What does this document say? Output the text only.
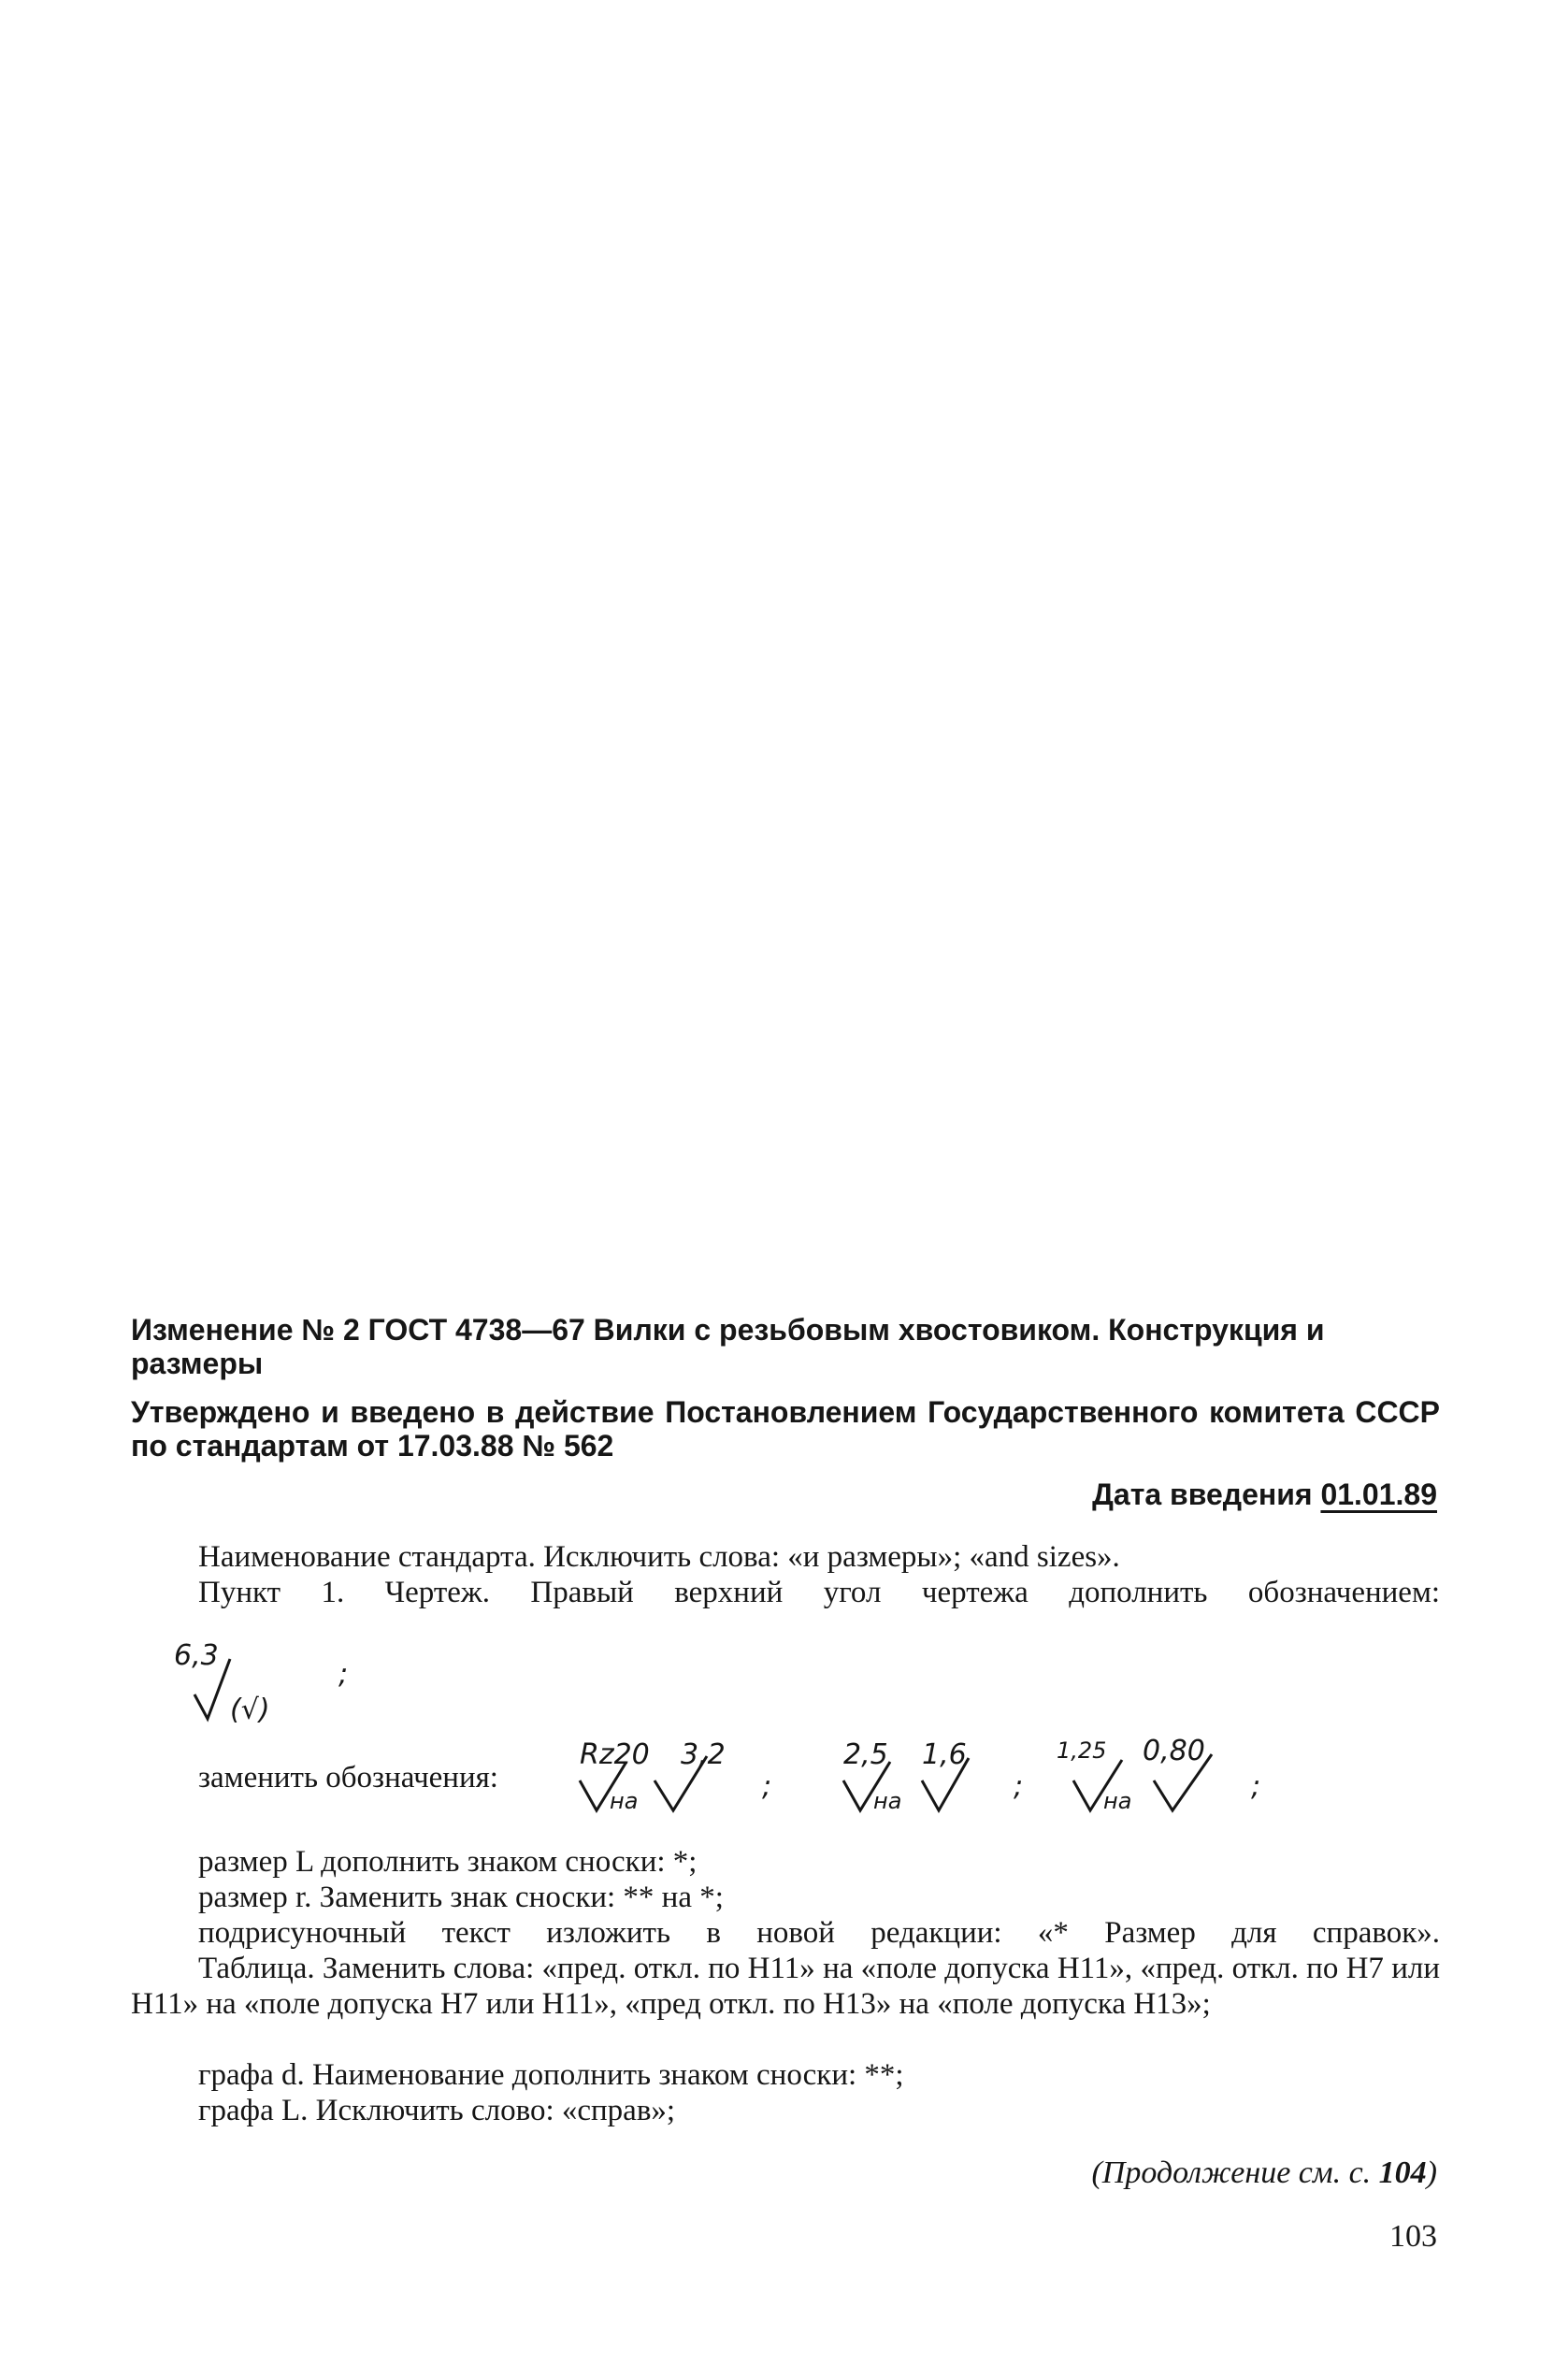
Изменение № 2 ГОСТ 4738—67 Вилки с резьбовым хвостовиком. Конструкция и размеры
Утверждено и введено в действие Постановлением Государственного комитета СССР по стандартам от 17.03.88 № 562
Дата введения 01.01.89
Наименование стандарта. Исключить слова: «и размеры»; «and sizes».
Пункт 1. Чертеж. Правый верхний угол чертежа дополнить обозначением:
6,3
(√)
;
заменить обозначения:
Rz20
на
3,2
;
2,5
на
1,6
;
1,25
на
0,80
;
размер L дополнить знаком сноски: *;
размер r. Заменить знак сноски: ** на *;
подрисуночный текст изложить в новой редакции: «* Размер для справок».
Таблица. Заменить слова: «пред. откл. по H11» на «поле допуска H11», «пред. откл. по H7 или H11» на «поле допуска H7 или H11», «пред откл. по H13» на «поле допуска H13»;
графа d. Наименование дополнить знаком сноски: **;
графа L. Исключить слово: «справ»;
(Продолжение см. с. 104)
103
